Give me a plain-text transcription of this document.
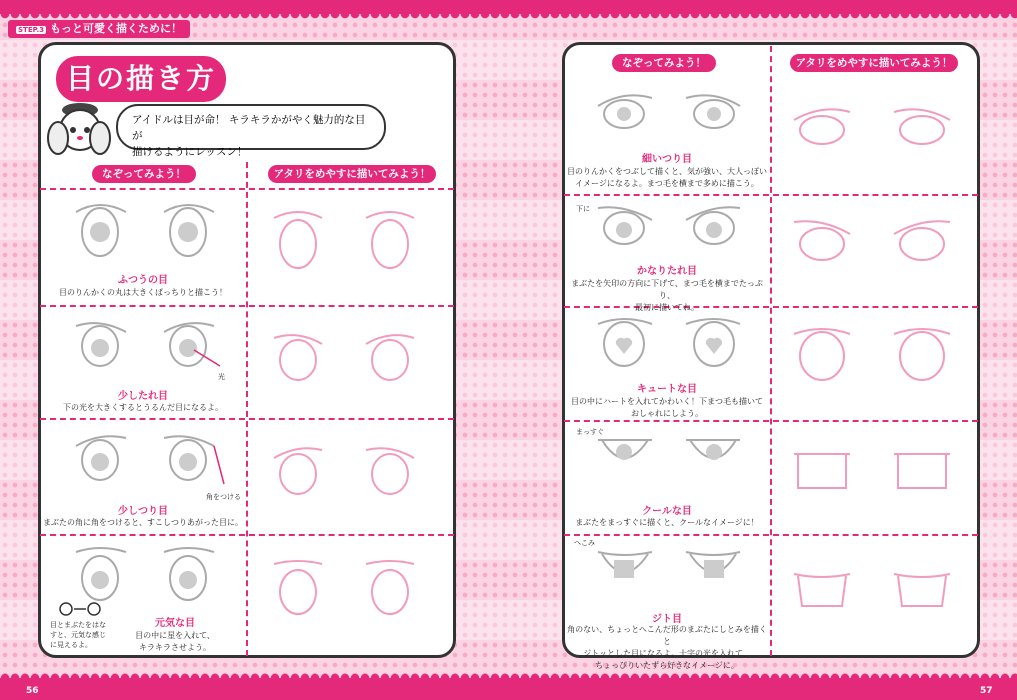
STEP.3 もっと可愛く描くために！
目の描き方
アイドルは目が命！ キラキラかがやく魅力的な目が
描けるようにレッスン！
なぞってみよう！	アタリをめやすに描いてみよう！
ふつうの目
目のりんかくの丸は大きくぱっちりと描こう！
光
少したれ目
下の光を大きくするとうるんだ目になるよ。
角をつける
少しつり目
まぶたの角に角をつけると、すこしつりあがった目に。
目とまぶたをはな
すと、元気な感じ
に見えるよ。
元気な目
目の中に星を入れて、
キラキラさせよう。
56
なぞってみよう！	アタリをめやすに描いてみよう！
細いつり目
目のりんかくをつぶして描くと、気が強い、大人っぽい
イメージになるよ。まつ毛を横まで多めに描こう。
下に
かなりたれ目
まぶたを矢印の方向に下げて、まつ毛を横までたっぷり、
最初に描いてね。
キュートな目
目の中にハートを入れてかわいく！下まつ毛も描いて
おしゃれにしよう。
まっすぐ
クールな目
まぶたをまっすぐに描くと、クールなイメージに！
へこみ
ジト目
角のない、ちょっとへこんだ形のまぶたにしとみを描くと
ジトッとした目になるよ。十字の光を入れて、
ちょっぴりいたずら好きなイメージに。
57
